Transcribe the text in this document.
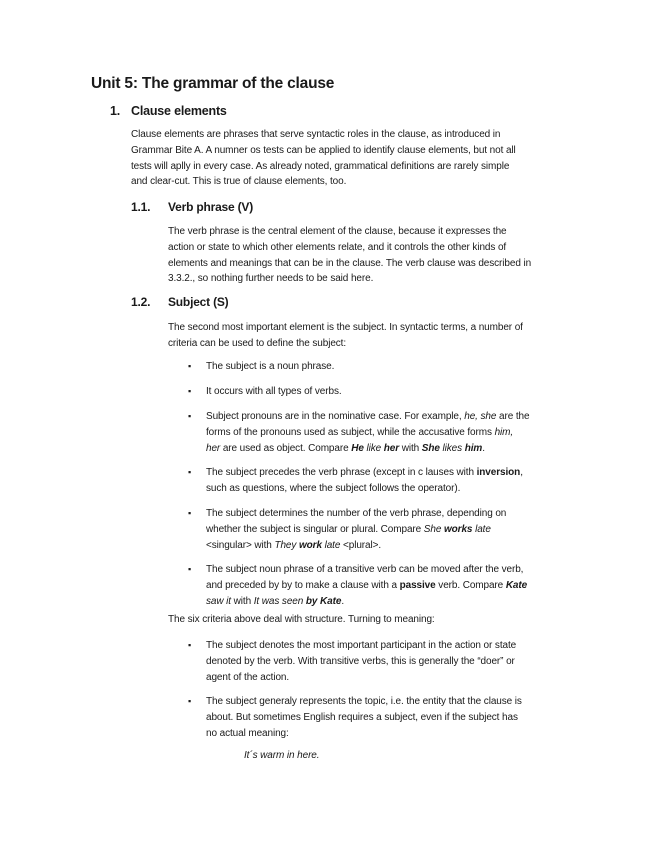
Unit 5: The grammar of the clause
1. Clause elements
Clause elements are phrases that serve syntactic roles in the clause, as introduced in
Grammar Bite A. A numner os tests can be applied to identify clause elements, but not all
tests will aplly in every case. As already noted, grammatical definitions are rarely simple
and clear-cut. This is true of clause elements, too.
1.1. Verb phrase (V)
The verb phrase is the central element of the clause, because it expresses the
action or state to which other elements relate, and it controls the other kinds of
elements and meanings that can be in the clause. The verb clause was described in
3.3.2., so nothing further needs to be said here.
1.2. Subject (S)
The second most important element is the subject. In syntactic terms, a number of
criteria can be used to define the subject:
▪ The subject is a noun phrase.
▪ It occurs with all types of verbs.
▪ Subject pronouns are in the nominative case. For example, he, she are the
forms of the pronouns used as subject, while the accusative forms him,
her are used as object. Compare He like her with She likes him.
▪ The subject precedes the verb phrase (except in c lauses with inversion,
such as questions, where the subject follows the operator).
▪ The subject determines the number of the verb phrase, depending on
whether the subject is singular or plural. Compare She works late
<singular> with They work late <plural>.
▪ The subject noun phrase of a transitive verb can be moved after the verb,
and preceded by by to make a clause with a passive verb. Compare Kate
saw it with It was seen by Kate.
The six criteria above deal with structure. Turning to meaning:
▪ The subject denotes the most important participant in the action or state
denoted by the verb. With transitive verbs, this is generally the “doer” or
agent of the action.
▪ The subject generaly represents the topic, i.e. the entity that the clause is
about. But sometimes English requires a subject, even if the subject has
no actual meaning:
It´s warm in here.
